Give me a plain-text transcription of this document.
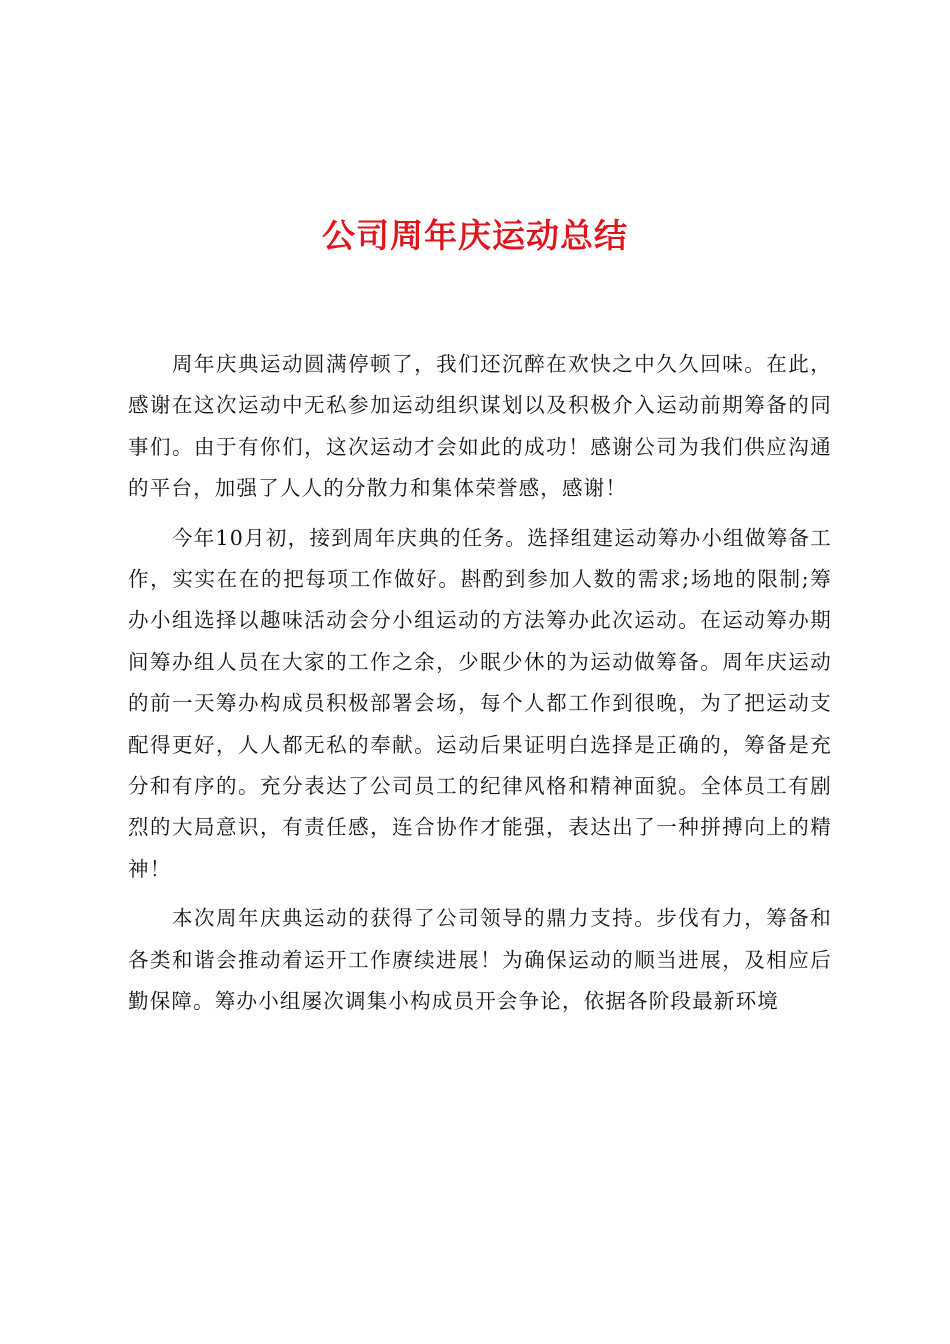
公司周年庆运动总结

周年庆典运动圆满停顿了，我们还沉醉在欢快之中久久回味。在此，感谢在这次运动中无私参加运动组织谋划以及积极介入运动前期筹备的同事们。由于有你们，这次运动才会如此的成功！感谢公司为我们供应沟通的平台，加强了人人的分散力和集体荣誉感，感谢！

今年10月初，接到周年庆典的任务。选择组建运动筹办小组做筹备工作，实实在在的把每项工作做好。斟酌到参加人数的需求;场地的限制;筹办小组选择以趣味活动会分小组运动的方法筹办此次运动。在运动筹办期间筹办组人员在大家的工作之余，少眠少休的为运动做筹备。周年庆运动的前一天筹办构成员积极部署会场，每个人都工作到很晚，为了把运动支配得更好，人人都无私的奉献。运动后果证明白选择是正确的，筹备是充分和有序的。充分表达了公司员工的纪律风格和精神面貌。全体员工有剧烈的大局意识，有责任感，连合协作才能强，表达出了一种拼搏向上的精神！

本次周年庆典运动的获得了公司领导的鼎力支持。步伐有力，筹备和各类和谐会推动着运开工作赓续进展！为确保运动的顺当进展，及相应后勤保障。筹办小组屡次调集小构成员开会争论，依据各阶段最新环境
